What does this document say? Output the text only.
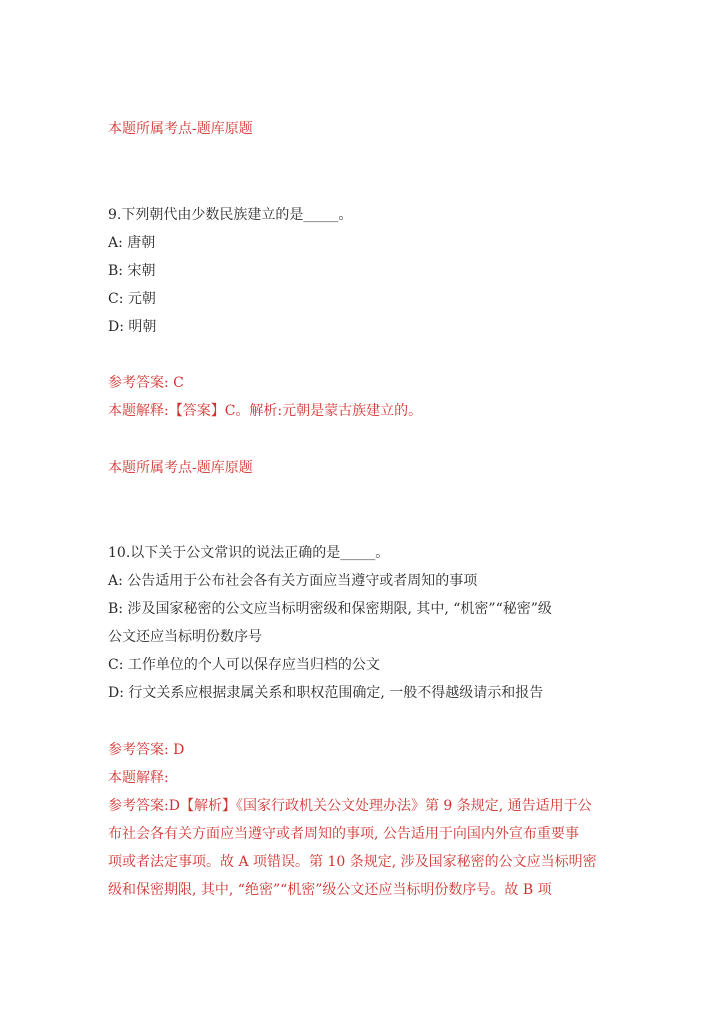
本题所属考点-题库原题
9.下列朝代由少数民族建立的是_____。
A: 唐朝
B: 宋朝
C: 元朝
D: 明朝
参考答案: C
本题解释:【答案】C。解析:元朝是蒙古族建立的。
本题所属考点-题库原题
10.以下关于公文常识的说法正确的是_____。
A: 公告适用于公布社会各有关方面应当遵守或者周知的事项
B: 涉及国家秘密的公文应当标明密级和保密期限, 其中, “机密”“秘密”级
公文还应当标明份数序号
C: 工作单位的个人可以保存应当归档的公文
D: 行文关系应根据隶属关系和职权范围确定, 一般不得越级请示和报告
参考答案: D
本题解释:
参考答案:D【解析】《国家行政机关公文处理办法》第 9 条规定, 通告适用于公
布社会各有关方面应当遵守或者周知的事项, 公告适用于向国内外宣布重要事
项或者法定事项。故 A 项错误。第 10 条规定, 涉及国家秘密的公文应当标明密
级和保密期限, 其中, “绝密”“机密”级公文还应当标明份数序号。故 B 项
